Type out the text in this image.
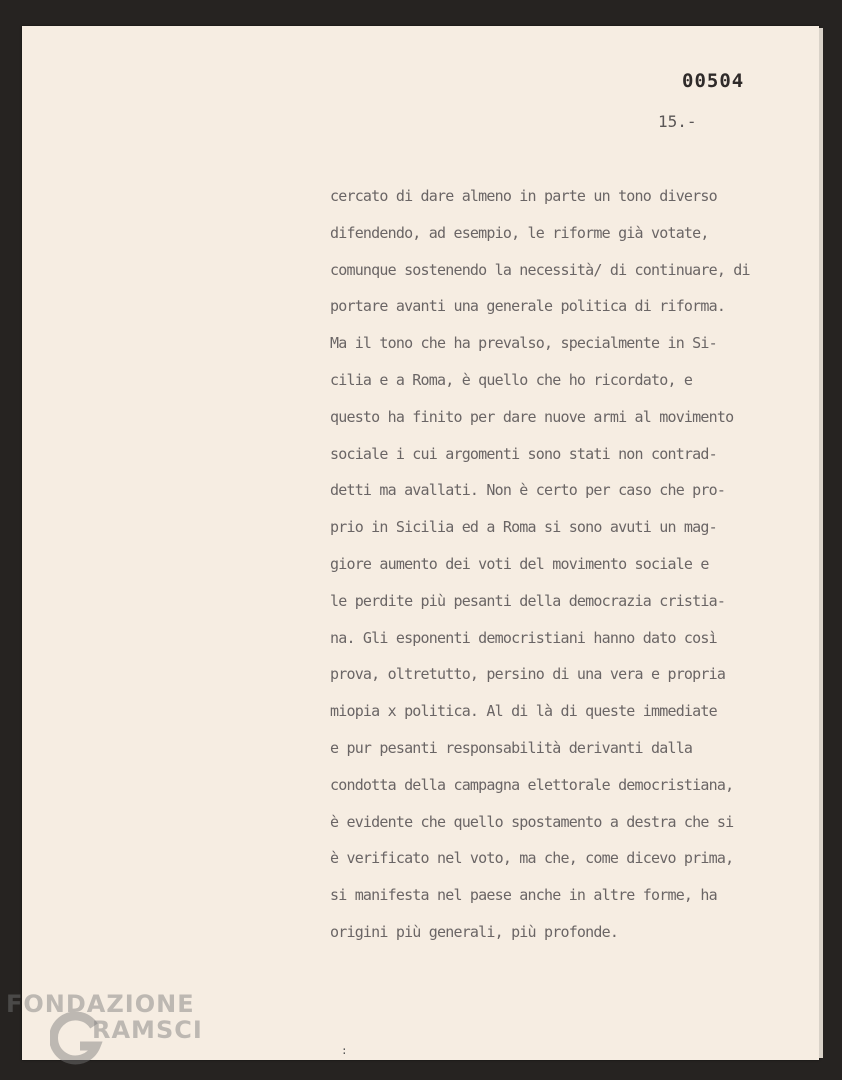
00504
15.-
cercato di dare almeno in parte un tono diverso
difendendo, ad esempio, le riforme già votate,
comunque sostenendo la necessità/ di continuare, di
portare avanti una generale politica di riforma.
Ma il tono che ha prevalso, specialmente in Si-
cilia e a Roma, è quello che ho ricordato, e
questo ha finito per dare nuove armi al movimento
sociale i cui argomenti sono stati non contrad-
detti ma avallati. Non è certo per caso che pro-
prio in Sicilia ed a Roma si sono avuti un mag-
giore aumento dei voti del movimento sociale e
le perdite più pesanti della democrazia cristia-
na. Gli esponenti democristiani hanno dato così
prova, oltretutto, persino di una vera e propria
miopia x politica. Al di là di queste immediate
e pur pesanti responsabilità derivanti dalla
condotta della campagna elettorale democristiana,
è evidente che quello spostamento a destra che si
è verificato nel voto, ma che, come dicevo prima,
si manifesta nel paese anche in altre forme, ha
origini più generali, più profonde.
:
FONDAZIONE
RAMSCI
